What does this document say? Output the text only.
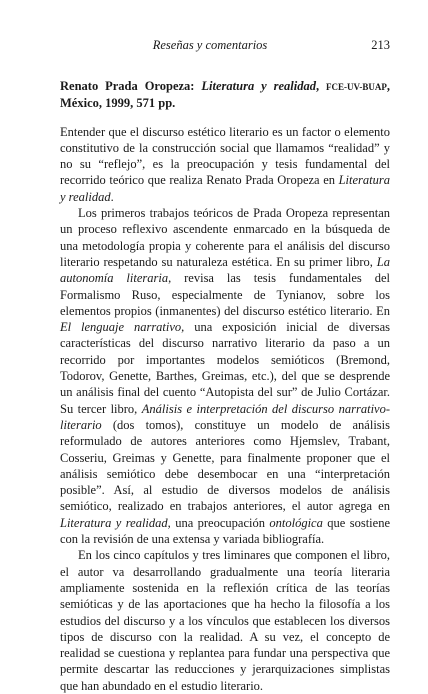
Reseñas y comentarios	213

Renato Prada Oropeza: Literatura y realidad, FCE-UV-BUAP, México, 1999, 571 pp.

Entender que el discurso estético literario es un factor o elemento constitutivo de la construcción social que llamamos “realidad” y no su “reflejo”, es la preocupación y tesis fundamental del recorrido teórico que realiza Renato Prada Oropeza en Literatura y realidad.

Los primeros trabajos teóricos de Prada Oropeza representan un proceso reflexivo ascendente enmarcado en la búsqueda de una metodología propia y coherente para el análisis del discurso literario respetando su naturaleza estética. En su primer libro, La autonomía literaria, revisa las tesis fundamentales del Formalismo Ruso, especialmente de Tynianov, sobre los elementos propios (inmanentes) del discurso estético literario. En El lenguaje narrativo, una exposición inicial de diversas características del discurso narrativo literario da paso a un recorrido por importantes modelos semióticos (Bremond, Todorov, Genette, Barthes, Greimas, etc.), del que se desprende un análisis final del cuento “Autopista del sur” de Julio Cortázar. Su tercer libro, Análisis e interpretación del discurso narrativo-literario (dos tomos), constituye un modelo de análisis reformulado de autores anteriores como Hjemslev, Trabant, Cosseriu, Greimas y Genette, para finalmente proponer que el análisis semiótico debe desembocar en una “interpretación posible”. Así, al estudio de diversos modelos de análisis semiótico, realizado en trabajos anteriores, el autor agrega en Literatura y realidad, una preocupación ontológica que sostiene con la revisión de una extensa y variada bibliografía.

En los cinco capítulos y tres liminares que componen el libro, el autor va desarrollando gradualmente una teoría literaria ampliamente sostenida en la reflexión crítica de las teorías semióticas y de las aportaciones que ha hecho la filosofía a los estudios del discurso y a los vínculos que establecen los diversos tipos de discurso con la realidad. A su vez, el concepto de realidad se cuestiona y replantea para fundar una perspectiva que permite descartar las reducciones y jerarquizaciones simplistas que han abundado en el estudio literario.
